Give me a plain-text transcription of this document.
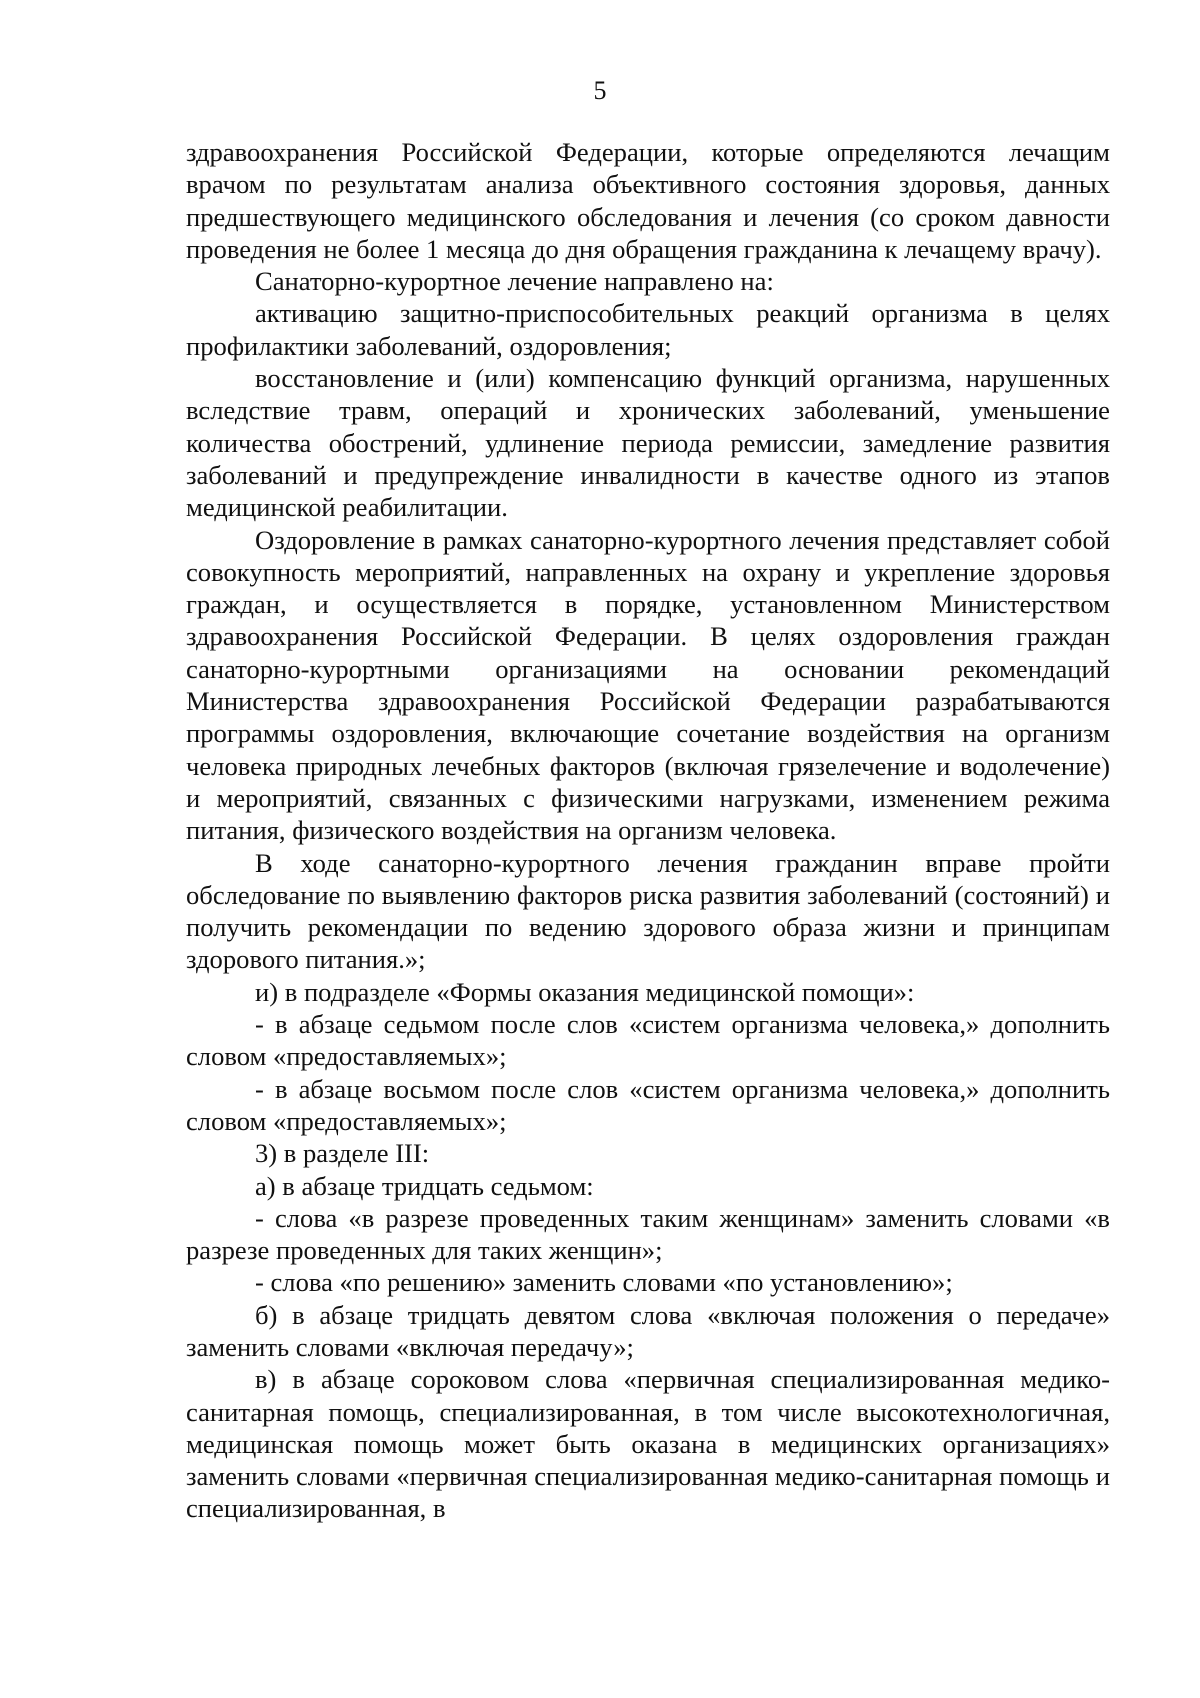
5

здравоохранения Российской Федерации, которые определяются лечащим врачом по результатам анализа объективного состояния здоровья, данных предшествующего медицинского обследования и лечения (со сроком давности проведения не более 1 месяца до дня обращения гражданина к лечащему врачу).

Санаторно-курортное лечение направлено на:

активацию защитно-приспособительных реакций организма в целях профилактики заболеваний, оздоровления;

восстановление и (или) компенсацию функций организма, нарушенных вследствие травм, операций и хронических заболеваний, уменьшение количества обострений, удлинение периода ремиссии, замедление развития заболеваний и предупреждение инвалидности в качестве одного из этапов медицинской реабилитации.

Оздоровление в рамках санаторно-курортного лечения представляет собой совокупность мероприятий, направленных на охрану и укрепление здоровья граждан, и осуществляется в порядке, установленном Министерством здравоохранения Российской Федерации. В целях оздоровления граждан санаторно-курортными организациями на основании рекомендаций Министерства здравоохранения Российской Федерации разрабатываются программы оздоровления, включающие сочетание воздействия на организм человека природных лечебных факторов (включая грязелечение и водолечение) и мероприятий, связанных с физическими нагрузками, изменением режима питания, физического воздействия на организм человека.

В ходе санаторно-курортного лечения гражданин вправе пройти обследование по выявлению факторов риска развития заболеваний (состояний) и получить рекомендации по ведению здорового образа жизни и принципам здорового питания.»;

и) в подразделе «Формы оказания медицинской помощи»:

- в абзаце седьмом после слов «систем организма человека,» дополнить словом «предоставляемых»;

- в абзаце восьмом после слов «систем организма человека,» дополнить словом «предоставляемых»;

3) в разделе III:

а) в абзаце тридцать седьмом:

- слова «в разрезе проведенных таким женщинам» заменить словами «в разрезе проведенных для таких женщин»;

- слова «по решению» заменить словами «по установлению»;

б) в абзаце тридцать девятом слова «включая положения о передаче» заменить словами «включая передачу»;

в) в абзаце сороковом слова «первичная специализированная медико-санитарная помощь, специализированная, в том числе высокотехнологичная, медицинская помощь может быть оказана в медицинских организациях» заменить словами «первичная специализированная медико-санитарная помощь и специализированная, в
